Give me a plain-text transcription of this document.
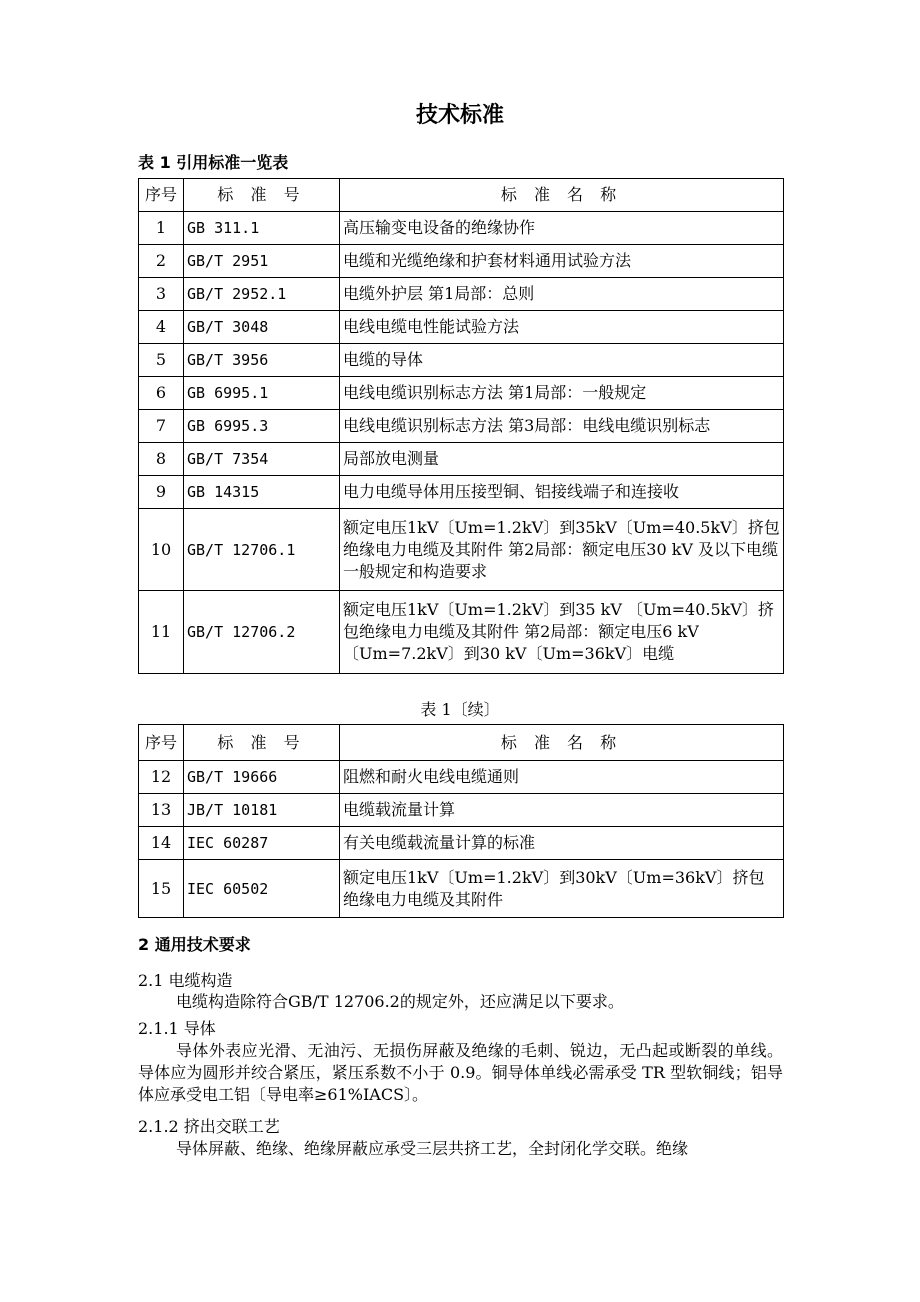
技术标准
表 1 引用标准一览表
序号	标 准 号	标 准 名 称
1	GB 311.1	高压输变电设备的绝缘协作
2	GB/T 2951	电缆和光缆绝缘和护套材料通用试验方法
3	GB/T 2952.1	电缆外护层 第1局部：总则
4	GB/T 3048	电线电缆电性能试验方法
5	GB/T 3956	电缆的导体
6	GB 6995.1	电线电缆识别标志方法 第1局部：一般规定
7	GB 6995.3	电线电缆识别标志方法 第3局部：电线电缆识别标志
8	GB/T 7354	局部放电测量
9	GB 14315	电力电缆导体用压接型铜、铝接线端子和连接收
10	GB/T 12706.1	额定电压1kV〔Um=1.2kV〕到35kV〔Um=40.5kV〕挤包绝缘电力电缆及其附件 第2局部：额定电压30 kV 及以下电缆一般规定和构造要求
11	GB/T 12706.2	额定电压1kV〔Um=1.2kV〕到35 kV 〔Um=40.5kV〕挤包绝缘电力电缆及其附件 第2局部：额定电压6 kV〔Um=7.2kV〕到30 kV〔Um=36kV〕电缆
表 1〔续〕
序号	标 准 号	标 准 名 称
12	GB/T 19666	阻燃和耐火电线电缆通则
13	JB/T 10181	电缆载流量计算
14	IEC 60287	有关电缆载流量计算的标准
15	IEC 60502	额定电压1kV〔Um=1.2kV〕到30kV〔Um=36kV〕挤包绝缘电力电缆及其附件
2 通用技术要求
2.1 电缆构造
电缆构造除符合GB/T 12706.2的规定外，还应满足以下要求。
2.1.1 导体
导体外表应光滑、无油污、无损伤屏蔽及绝缘的毛刺、锐边，无凸起或断裂的单线。导体应为圆形并绞合紧压，紧压系数不小于 0.9。铜导体单线必需承受 TR 型软铜线；铝导体应承受电工铝〔导电率≥61%IACS〕。
2.1.2 挤出交联工艺
导体屏蔽、绝缘、绝缘屏蔽应承受三层共挤工艺，全封闭化学交联。绝缘
